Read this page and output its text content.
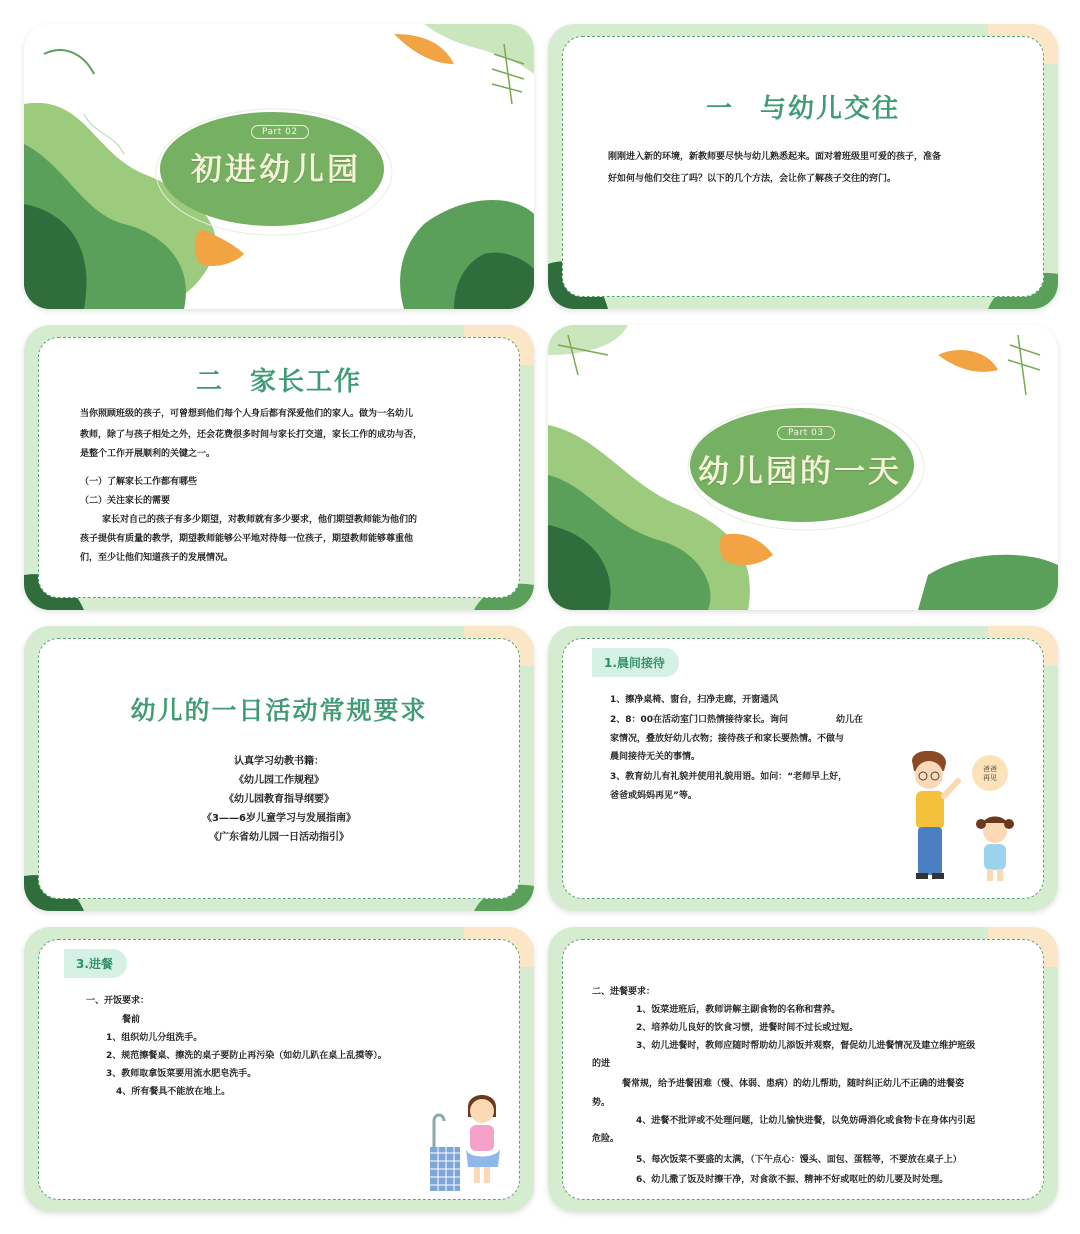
Part 02
初进幼儿园
一 与幼儿交往
刚刚进入新的环境，新教师要尽快与幼儿熟悉起来。面对着班级里可爱的孩子，准备
好如何与他们交往了吗？以下的几个方法，会让你了解孩子交往的窍门。
二 家长工作
当你照顾班级的孩子，可曾想到他们每个人身后都有深爱他们的家人。做为一名幼儿
教师，除了与孩子相处之外，还会花费很多时间与家长打交道，家长工作的成功与否，
是整个工作开展顺利的关键之一。
（一）了解家长工作都有哪些
（二）关注家长的需要
家长对自己的孩子有多少期望，对教师就有多少要求，他们期望教师能为他们的
孩子提供有质量的教学，期望教师能够公平地对待每一位孩子，期望教师能够尊重他
们，至少让他们知道孩子的发展情况。
Part 03
幼儿园的一天
幼儿的一日活动常规要求
认真学习幼教书籍：
《幼儿园工作规程》
《幼儿园教育指导纲要》
《3——6岁儿童学习与发展指南》
《广东省幼儿园一日活动指引》
1.晨间接待
1、擦净桌椅、窗台，扫净走廊，开窗通风
2、8：00在活动室门口热情接待家长。询问	幼儿在
家情况，叠放好幼儿衣物；接待孩子和家长要热情。不做与
晨间接待无关的事情。
3、教育幼儿有礼貌并使用礼貌用语。如问：“老师早上好，
爸爸或妈妈再见”等。
爸爸
再见
3.进餐
一、开饭要求：
餐前
1、组织幼儿分组洗手。
2、规范擦餐桌、擦洗的桌子要防止再污染（如幼儿趴在桌上乱摸等）。
3、教师取拿饭菜要用流水肥皂洗手。
4、所有餐具不能放在地上。
二、进餐要求：
1、饭菜进班后，教师讲解主副食物的名称和营养。
2、培养幼儿良好的饮食习惯，进餐时间不过长或过短。
3、幼儿进餐时，教师应随时帮助幼儿添饭并观察，督促幼儿进餐情况及建立维护班级
的进
餐常规，给予进餐困难（慢、体弱、患病）的幼儿帮助，随时纠正幼儿不正确的进餐姿
势。
4、进餐不批评或不处理问题，让幼儿愉快进餐，以免妨碍消化或食物卡在身体内引起
危险。
5、每次饭菜不要盛的太满，（下午点心：馒头、面包、蛋糕等，不要放在桌子上）
6、幼儿撒了饭及时擦干净，对食欲不振、精神不好或呕吐的幼儿要及时处理。
